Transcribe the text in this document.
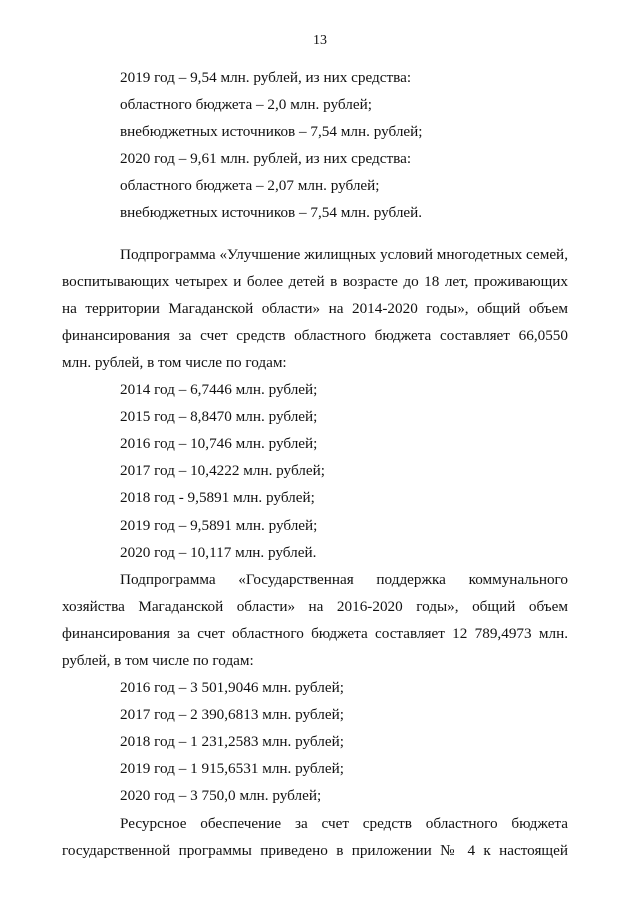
13
2019 год – 9,54 млн. рублей, из них средства:
областного бюджета – 2,0 млн. рублей;
внебюджетных источников – 7,54 млн. рублей;
2020 год – 9,61 млн. рублей, из них средства:
областного бюджета – 2,07 млн. рублей;
внебюджетных источников – 7,54 млн. рублей.
Подпрограмма «Улучшение жилищных условий многодетных семей,
воспитывающих четырех и более детей в возрасте до 18 лет, проживающих
на территории Магаданской области» на 2014-2020 годы», общий объем
финансирования за счет средств областного бюджета составляет 66,0550
млн. рублей, в том числе по годам:
2014 год – 6,7446 млн. рублей;
2015 год – 8,8470 млн. рублей;
2016 год – 10,746 млн. рублей;
2017 год – 10,4222 млн. рублей;
2018 год - 9,5891 млн. рублей;
2019 год – 9,5891 млн. рублей;
2020 год – 10,117 млн. рублей.
Подпрограмма «Государственная поддержка коммунального
хозяйства Магаданской области» на 2016-2020 годы», общий объем
финансирования за счет областного бюджета составляет 12 789,4973 млн.
рублей, в том числе по годам:
2016 год – 3 501,9046 млн. рублей;
2017 год – 2 390,6813 млн. рублей;
2018 год – 1 231,2583 млн. рублей;
2019 год – 1 915,6531 млн. рублей;
2020 год – 3 750,0 млн. рублей;
Ресурсное обеспечение за счет средств областного бюджета
государственной программы приведено в приложении № 4 к настоящей
